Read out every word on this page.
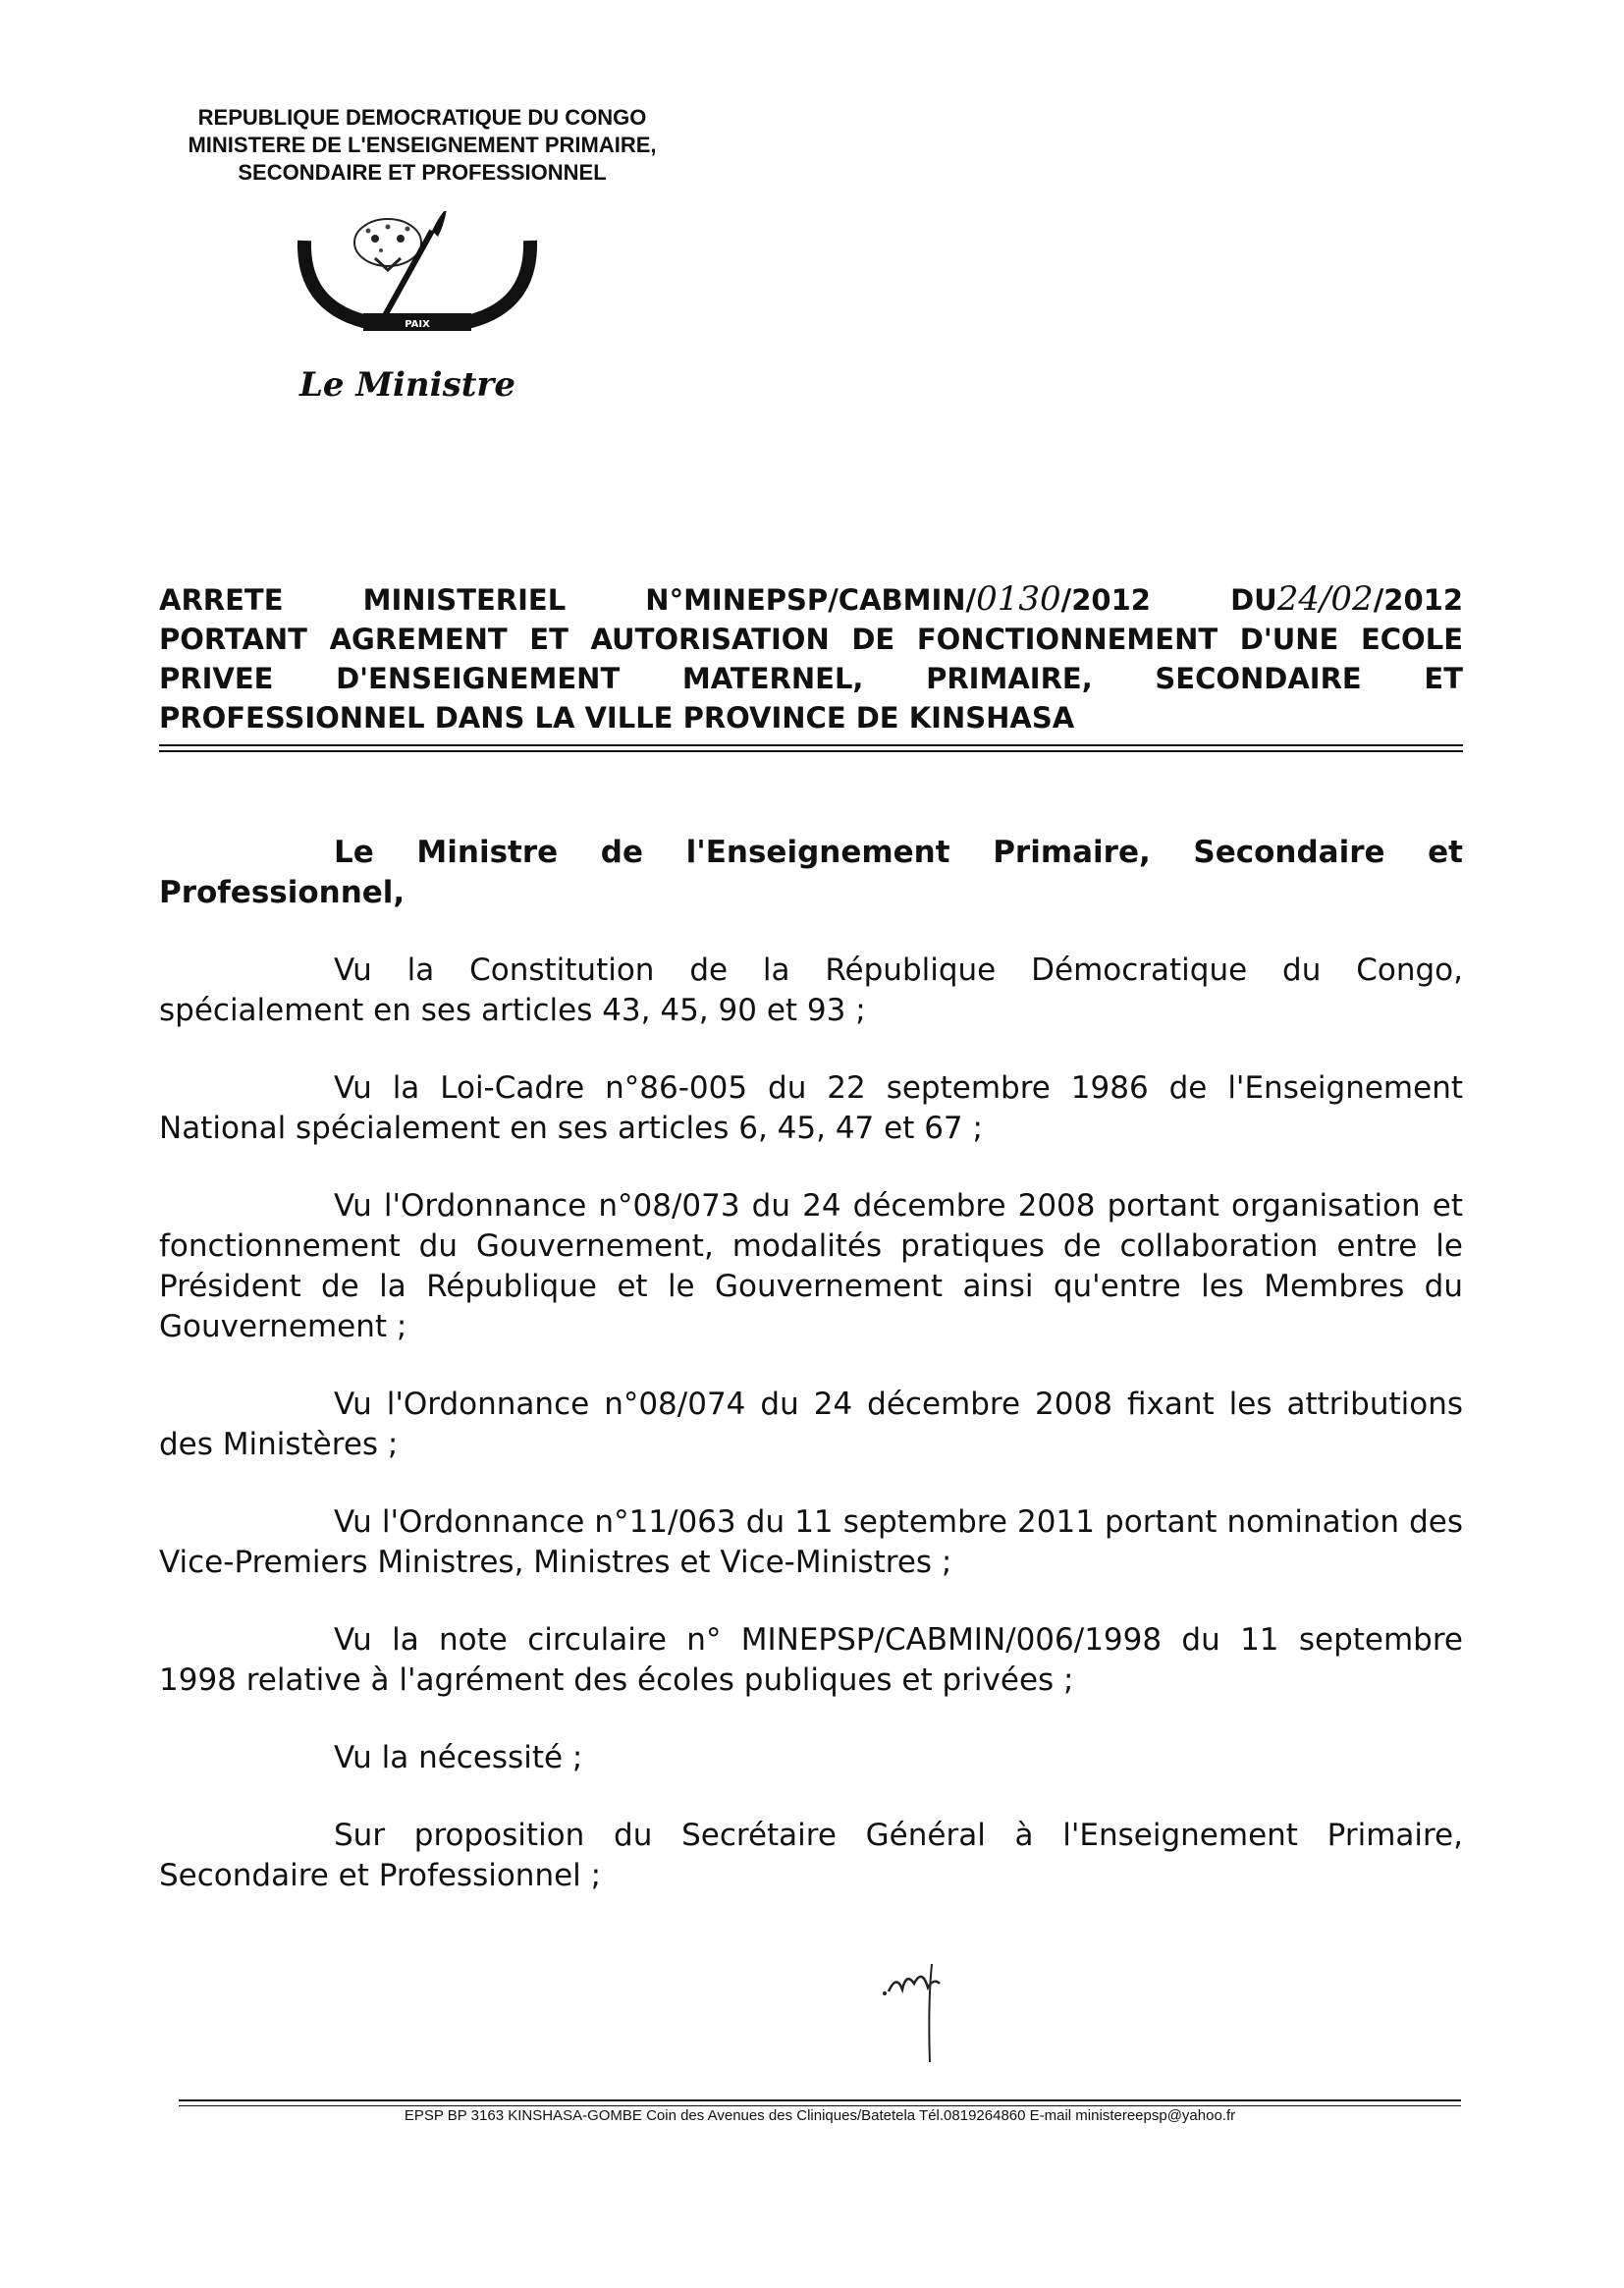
REPUBLIQUE DEMOCRATIQUE DU CONGO
MINISTERE DE L'ENSEIGNEMENT PRIMAIRE,
SECONDAIRE ET PROFESSIONNEL
PAIX
Le Ministre
ARRETE MINISTERIEL N°MINEPSP/CABMIN/0130/2012	DU24/02/2012
PORTANT AGREMENT ET AUTORISATION DE FONCTIONNEMENT D'UNE ECOLE
PRIVEE D'ENSEIGNEMENT MATERNEL, PRIMAIRE, SECONDAIRE ET
PROFESSIONNEL DANS LA VILLE PROVINCE DE KINSHASA

Le Ministre de l'Enseignement Primaire, Secondaire et Professionnel,

Vu la Constitution de la République Démocratique du Congo, spécialement en ses articles 43, 45, 90 et 93 ;

Vu la Loi-Cadre n°86-005 du 22 septembre 1986 de l'Enseignement National spécialement en ses articles 6, 45, 47 et 67 ;

Vu l'Ordonnance n°08/073 du 24 décembre 2008 portant organisation et fonctionnement du Gouvernement, modalités pratiques de collaboration entre le Président de la République et le Gouvernement ainsi qu'entre les Membres du Gouvernement ;

Vu l'Ordonnance n°08/074 du 24 décembre 2008 fixant les attributions des Ministères ;

Vu l'Ordonnance n°11/063 du 11 septembre 2011 portant nomination des Vice-Premiers Ministres, Ministres et Vice-Ministres ;

Vu la note circulaire n° MINEPSP/CABMIN/006/1998 du 11 septembre 1998 relative à l'agrément des écoles publiques et privées ;

Vu la nécessité ;

Sur proposition du Secrétaire Général à l'Enseignement Primaire, Secondaire et Professionnel ;

EPSP BP 3163 KINSHASA-GOMBE Coin des Avenues des Cliniques/Batetela Tél.0819264860 E-mail ministereepsp@yahoo.fr
